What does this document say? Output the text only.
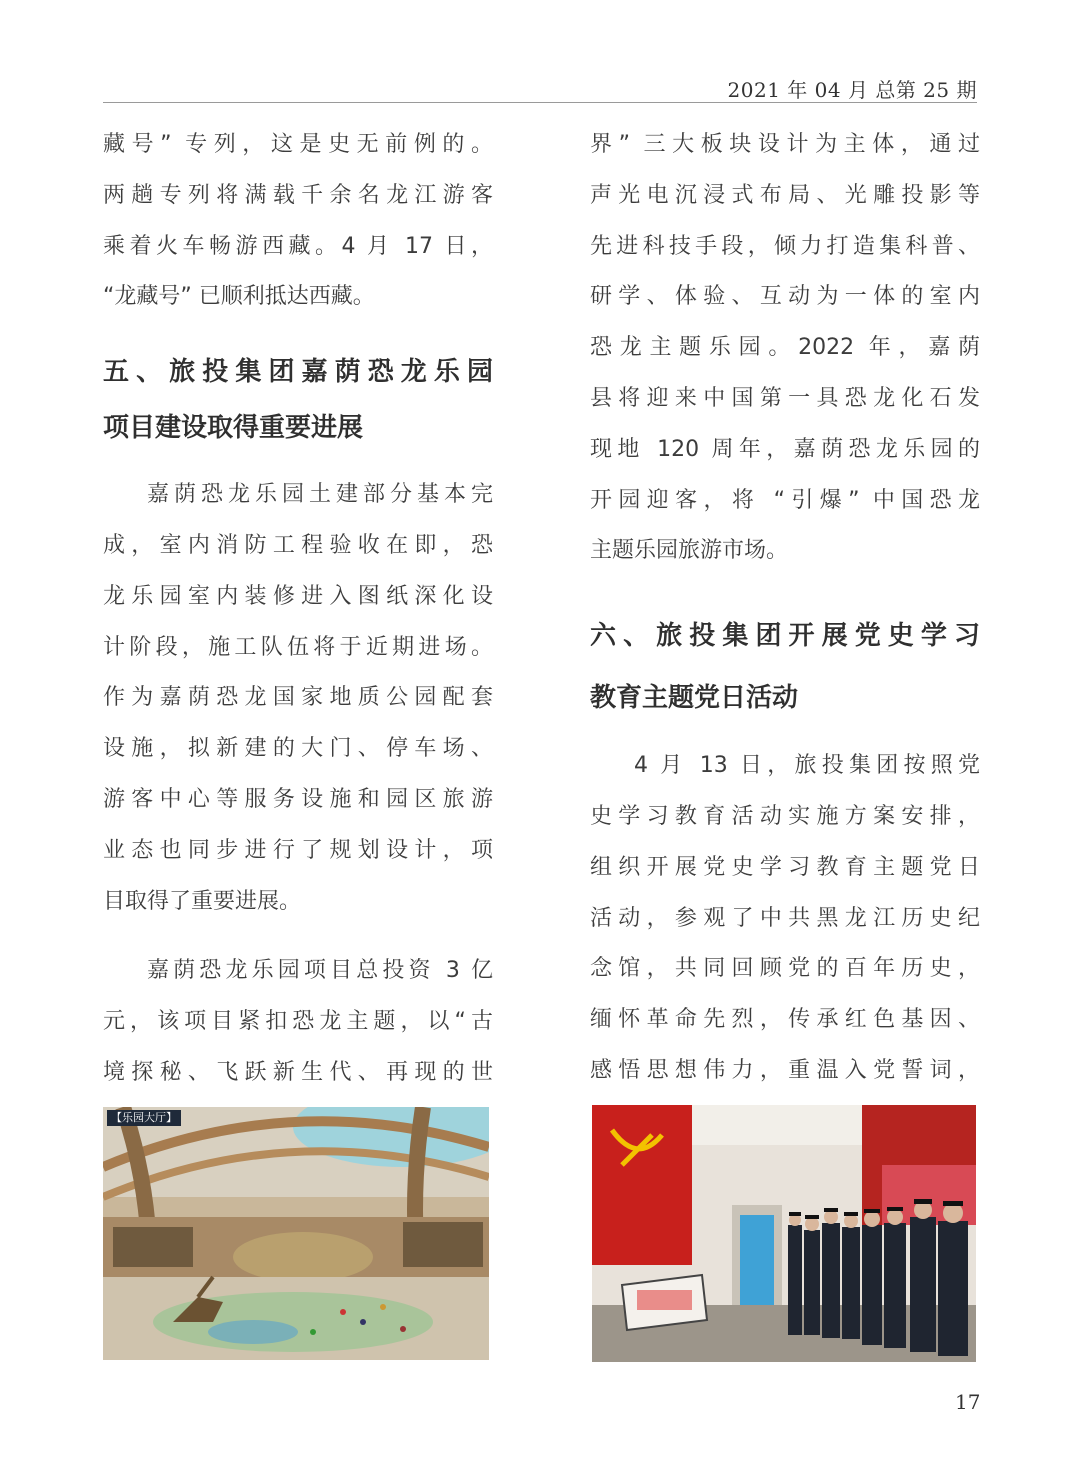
2021 年 04 月 总第 25 期
藏号” 专列，这是史无前例的。
两趟专列将满载千余名龙江游客
乘着火车畅游西藏。4 月 17 日，
“龙藏号” 已顺利抵达西藏。
五、旅投集团嘉荫恐龙乐园
项目建设取得重要进展
嘉荫恐龙乐园土建部分基本完
成，室内消防工程验收在即，恐
龙乐园室内装修进入图纸深化设
计阶段，施工队伍将于近期进场。
作为嘉荫恐龙国家地质公园配套
设施，拟新建的大门、停车场、
游客中心等服务设施和园区旅游
业态也同步进行了规划设计，项
目取得了重要进展。
嘉荫恐龙乐园项目总投资 3 亿
元，该项目紧扣恐龙主题，以“古
境探秘、飞跃新生代、再现的世
【乐园大厅】
界” 三大板块设计为主体，通过
声光电沉浸式布局、光雕投影等
先进科技手段，倾力打造集科普、
研学、体验、互动为一体的室内
恐龙主题乐园。2022 年，嘉荫
县将迎来中国第一具恐龙化石发
现地 120 周年，嘉荫恐龙乐园的
开园迎客，将 “引爆” 中国恐龙
主题乐园旅游市场。
六、旅投集团开展党史学习
教育主题党日活动
4 月 13 日，旅投集团按照党
史学习教育活动实施方案安排，
组织开展党史学习教育主题党日
活动，参观了中共黑龙江历史纪
念馆，共同回顾党的百年历史，
缅怀革命先烈，传承红色基因、
感悟思想伟力，重温入党誓词，
17
